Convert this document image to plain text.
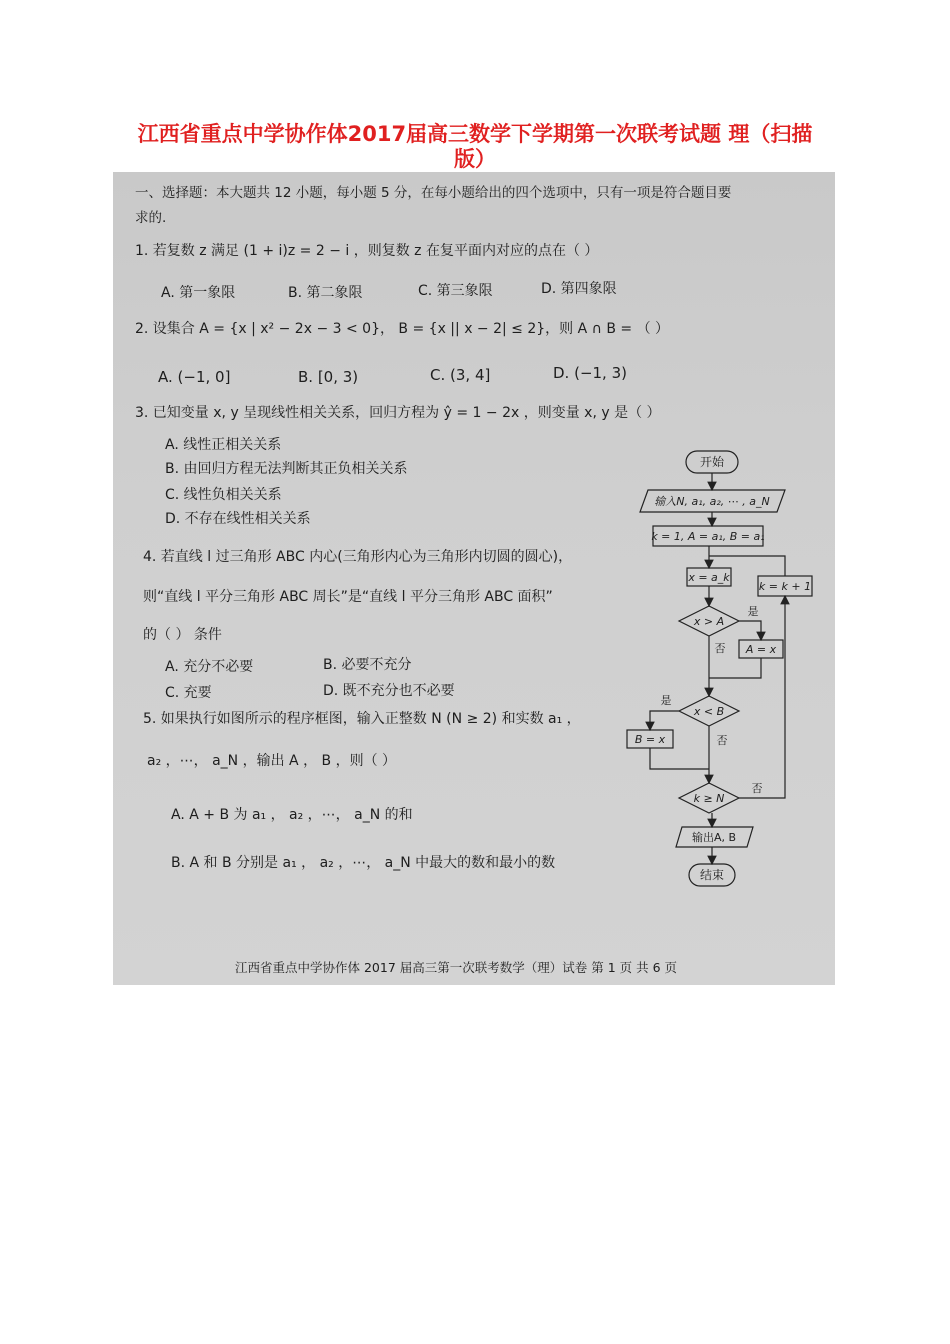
江西省重点中学协作体2017届高三数学下学期第一次联考试题 理（扫描
版）
一、选择题：本大题共 12 小题，每小题 5 分，在每小题给出的四个选项中，只有一项是符合题目要
求的.
1. 若复数 z 满足 (1 + i)z = 2 − i ，则复数 z 在复平面内对应的点在（ ）
A. 第一象限	B. 第二象限	C. 第三象限	D. 第四象限
2. 设集合 A = {x | x² − 2x − 3 < 0}， B = {x || x − 2| ≤ 2}，则 A ∩ B = （ ）
A. (−1, 0]	B. [0, 3)	C. (3, 4]	D. (−1, 3)
3. 已知变量 x, y 呈现线性相关关系，回归方程为 ŷ = 1 − 2x ，则变量 x, y 是（ ）
A. 线性正相关关系
B. 由回归方程无法判断其正负相关关系
C. 线性负相关关系
D. 不存在线性相关关系
4. 若直线 l 过三角形 ABC 内心(三角形内心为三角形内切圆的圆心)，
则“直线 l 平分三角形 ABC 周长”是“直线 l 平分三角形 ABC 面积”
的（ ） 条件
A. 充分不必要	B. 必要不充分
C. 充要	D. 既不充分也不必要
5. 如果执行如图所示的程序框图，输入正整数 N (N ≥ 2) 和实数 a₁ ，
a₂ ，⋯， a_N ，输出 A ， B ，则（ ）
A. A + B 为 a₁ ， a₂ ，⋯， a_N 的和
B. A 和 B 分别是 a₁ ， a₂ ，⋯， a_N 中最大的数和最小的数
开始
输入N, a₁, a₂, ⋯ , a_N
k = 1, A = a₁, B = a₁
x = a_k
x > A
是
否 A = x
x < B
是
否
B = x
k ≥ N
否
k = k + 1
输出A, B
结束
江西省重点中学协作体 2017 届高三第一次联考数学（理）试卷 第 1 页 共 6 页
